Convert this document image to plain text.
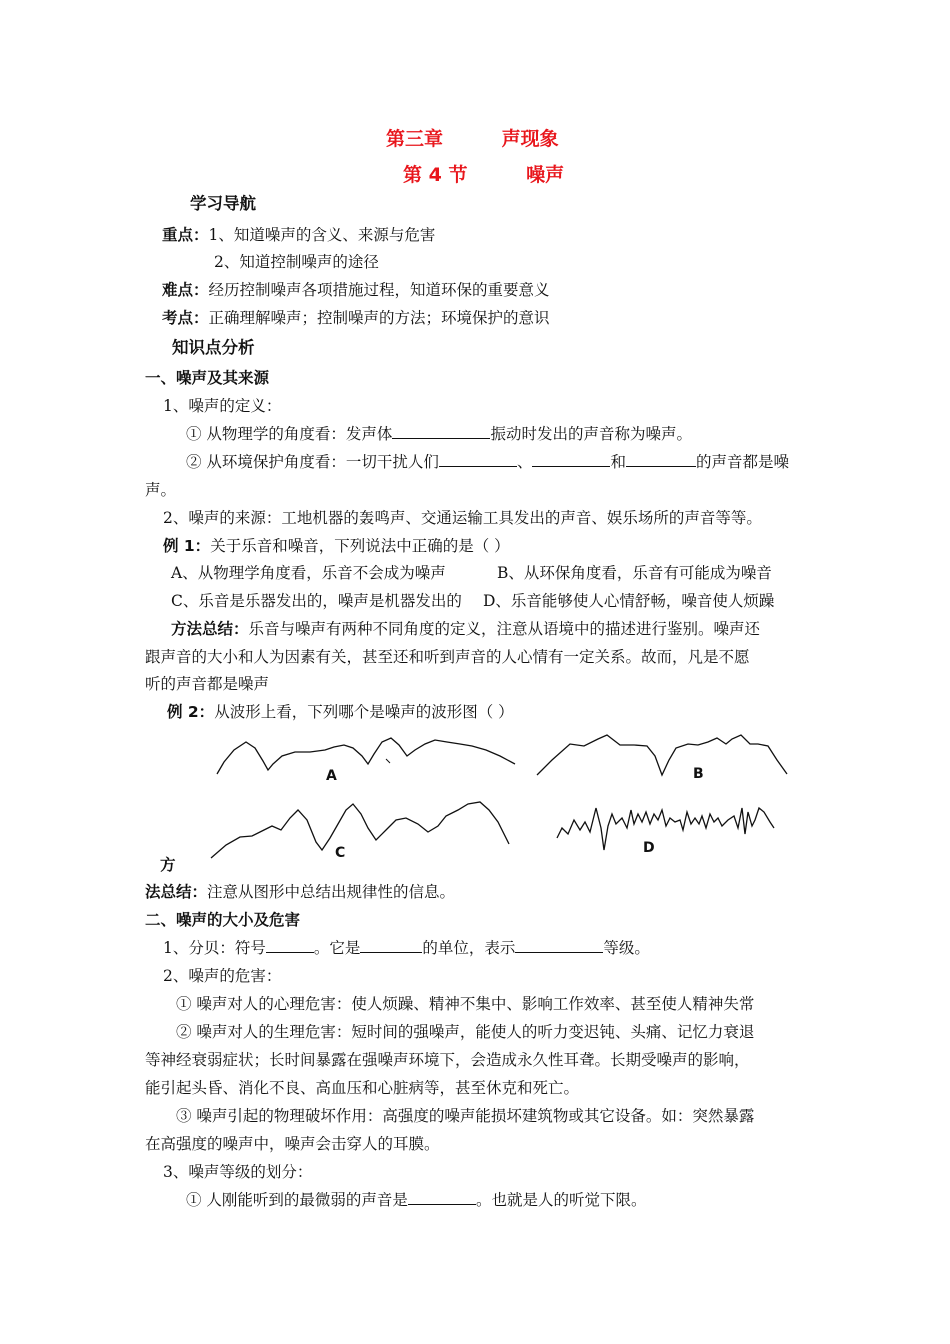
第三章	声现象
第 4 节	噪声
学习导航
重点：1、知道噪声的含义、来源与危害
2、知道控制噪声的途径
难点：经历控制噪声各项措施过程，知道环保的重要意义
考点：正确理解噪声；控制噪声的方法；环境保护的意识
知识点分析
一、噪声及其来源
1、噪声的定义：
① 从物理学的角度看：发声体	振动时发出的声音称为噪声。
② 从环境保护角度看：一切干扰人们	、	和	的声音都是噪
声。
2、噪声的来源：工地机器的轰鸣声、交通运输工具发出的声音、娱乐场所的声音等等。
例 1：关于乐音和噪音，下列说法中正确的是（ ）
A、从物理学角度看，乐音不会成为噪声	B、从环保角度看，乐音有可能成为噪音
C、乐音是乐器发出的，噪声是机器发出的 D、乐音能够使人心情舒畅，噪音使人烦躁
方法总结：乐音与噪声有两种不同角度的定义，注意从语境中的描述进行鉴别。噪声还
跟声音的大小和人为因素有关，甚至还和听到声音的人心情有一定关系。故而，凡是不愿
听的声音都是噪声
例 2：从波形上看，下列哪个是噪声的波形图（ ）
A	B
C	D
方
法总结：注意从图形中总结出规律性的信息。
二、噪声的大小及危害
1、分贝：符号	。它是	的单位，表示	等级。
2、噪声的危害：
① 噪声对人的心理危害：使人烦躁、精神不集中、影响工作效率、甚至使人精神失常
② 噪声对人的生理危害：短时间的强噪声，能使人的听力变迟钝、头痛、记忆力衰退
等神经衰弱症状；长时间暴露在强噪声环境下，会造成永久性耳聋。长期受噪声的影响，
能引起头昏、消化不良、高血压和心脏病等，甚至休克和死亡。
③ 噪声引起的物理破坏作用：高强度的噪声能损坏建筑物或其它设备。如：突然暴露
在高强度的噪声中，噪声会击穿人的耳膜。
3、噪声等级的划分：
① 人刚能听到的最微弱的声音是	。也就是人的听觉下限。
